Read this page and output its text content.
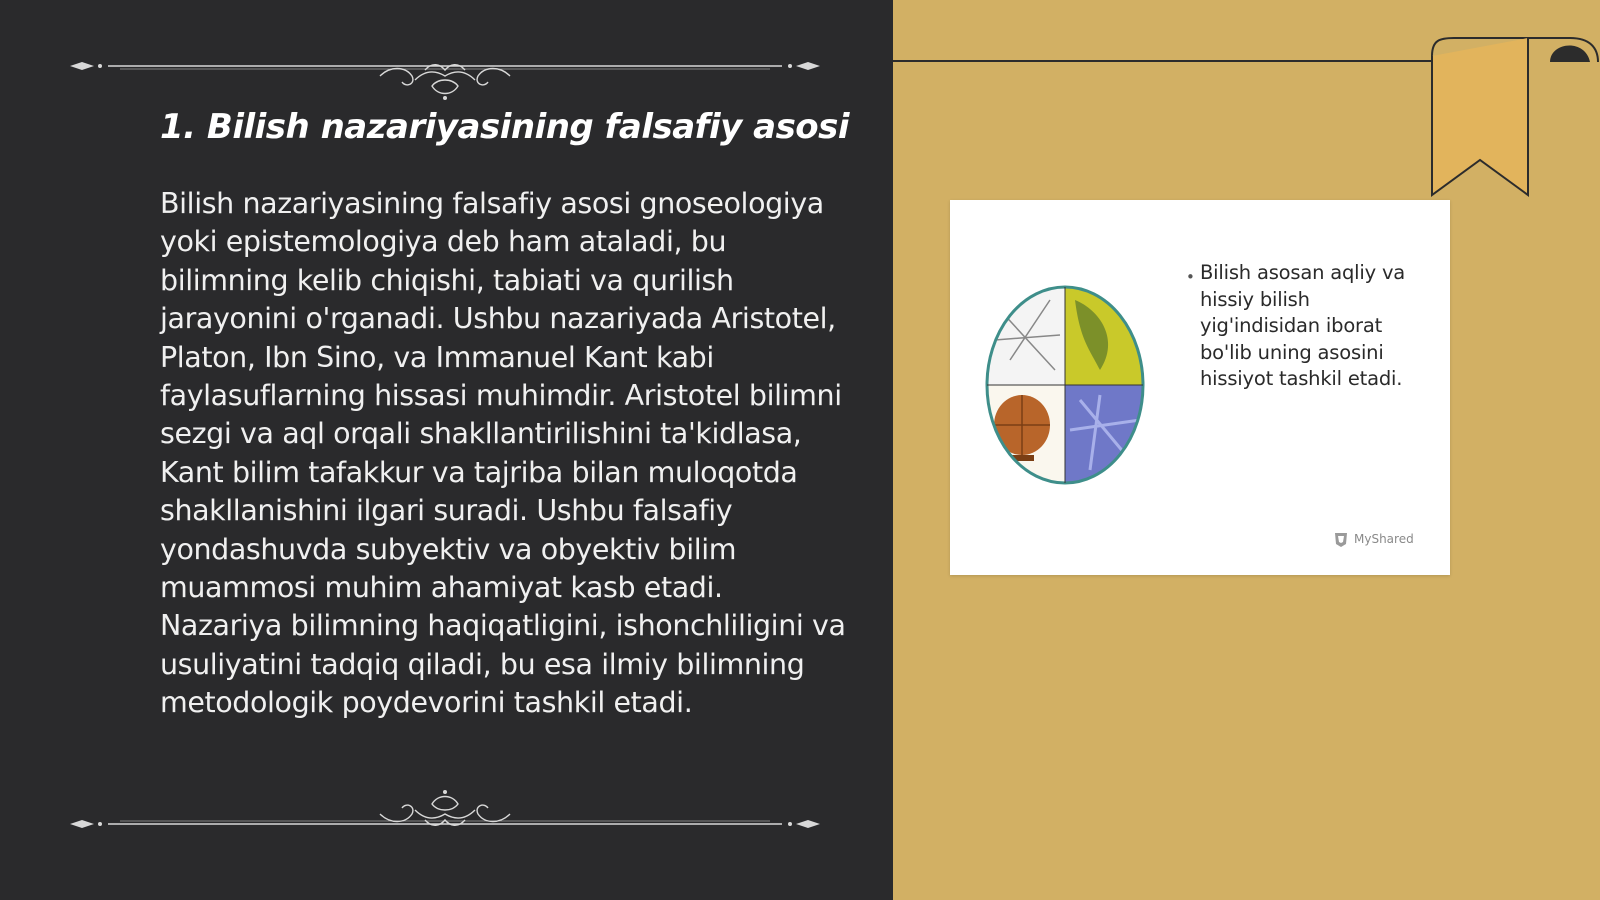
1. Bilish nazariyasining falsafiy asosi

Bilish nazariyasining falsafiy asosi gnoseologiya yoki epistemologiya deb ham ataladi, bu bilimning kelib chiqishi, tabiati va qurilish jarayonini o'rganadi. Ushbu nazariyada Aristotel, Platon, Ibn Sino, va Immanuel Kant kabi faylasuflarning hissasi muhimdir. Aristotel bilimni sezgi va aql orqali shakllantirilishini ta'kidlasa, Kant bilim tafakkur va tajriba bilan muloqotda shakllanishini ilgari suradi. Ushbu falsafiy yondashuvda subyektiv va obyektiv bilim muammosi muhim ahamiyat kasb etadi. Nazariya bilimning haqiqatligini, ishonchliligini va usuliyatini tadqiq qiladi, bu esa ilmiy bilimning metodologik poydevorini tashkil etadi.

• Bilish asosan aqliy va hissiy bilish yig'indisidan iborat bo'lib uning asosini hissiyot tashkil etadi.

MyShared
